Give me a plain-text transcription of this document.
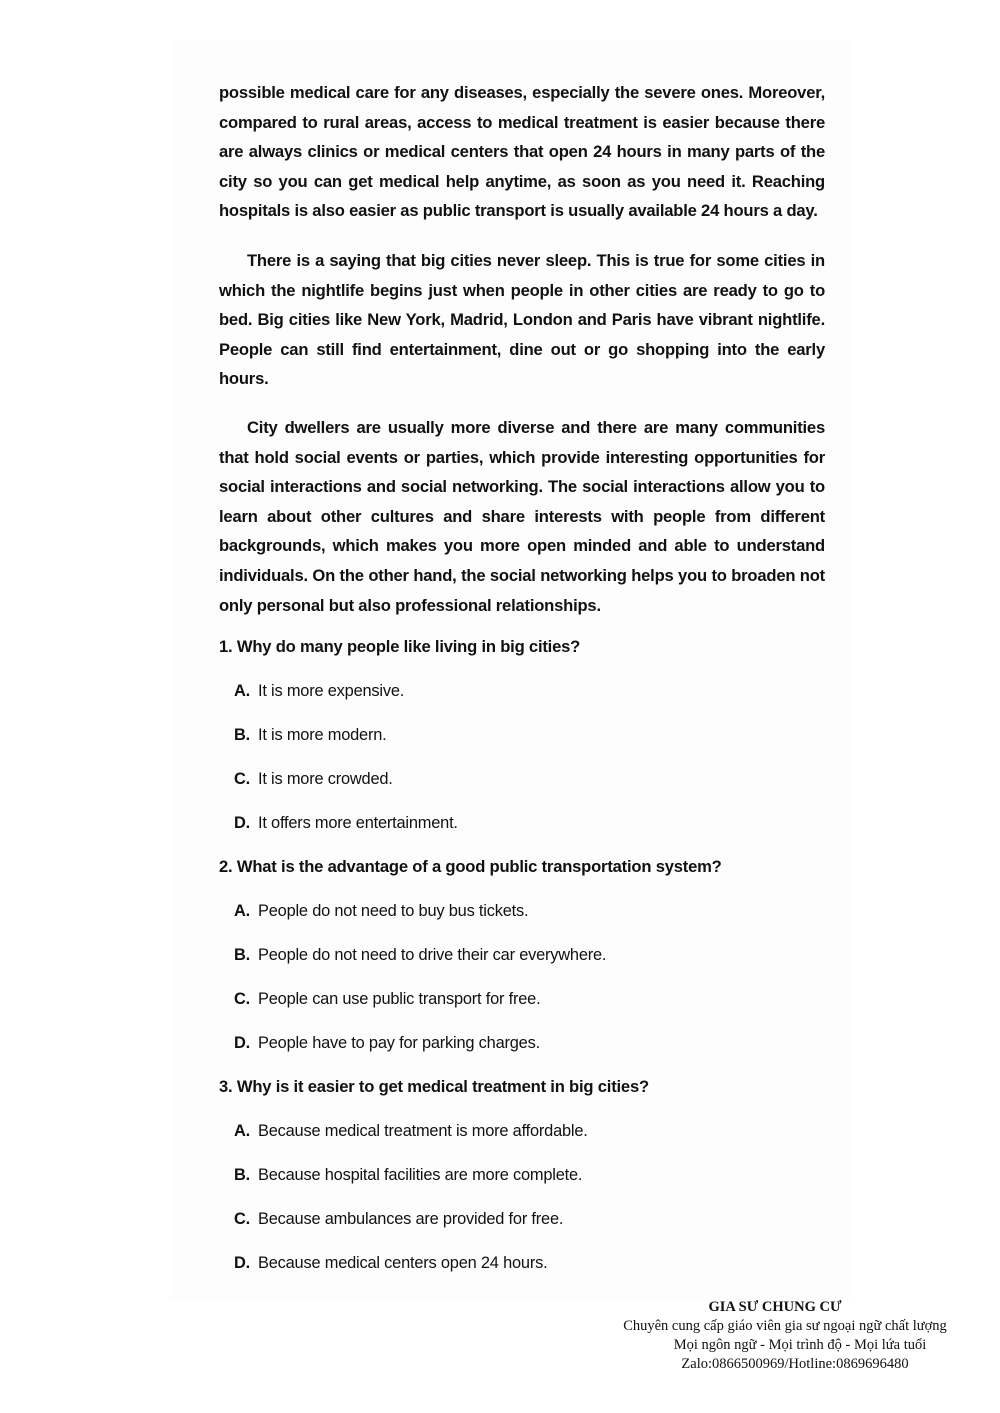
possible medical care for any diseases, especially the severe ones. Moreover, compared to rural areas, access to medical treatment is easier because there are always clinics or medical centers that open 24 hours in many parts of the city so you can get medical help anytime, as soon as you need it. Reaching hospitals is also easier as public transport is usually available 24 hours a day.

There is a saying that big cities never sleep. This is true for some cities in which the nightlife begins just when people in other cities are ready to go to bed. Big cities like New York, Madrid, London and Paris have vibrant nightlife. People can still find entertainment, dine out or go shopping into the early hours.

City dwellers are usually more diverse and there are many communities that hold social events or parties, which provide interesting opportunities for social interactions and social networking. The social interactions allow you to learn about other cultures and share interests with people from different backgrounds, which makes you more open minded and able to understand individuals. On the other hand, the social networking helps you to broaden not only personal but also professional relationships.

1. Why do many people like living in big cities?

A. It is more expensive.
B. It is more modern.
C. It is more crowded.
D. It offers more entertainment.

2. What is the advantage of a good public transportation system?

A. People do not need to buy bus tickets.
B. People do not need to drive their car everywhere.
C. People can use public transport for free.
D. People have to pay for parking charges.

3. Why is it easier to get medical treatment in big cities?

A. Because medical treatment is more affordable.
B. Because hospital facilities are more complete.
C. Because ambulances are provided for free.
D. Because medical centers open 24 hours.
GIA SƯ CHUNG CƯ
Chuyên cung cấp giáo viên gia sư ngoại ngữ chất lượng
Mọi ngôn ngữ - Mọi trình độ - Mọi lứa tuổi
Zalo:0866500969/Hotline:0869696480
